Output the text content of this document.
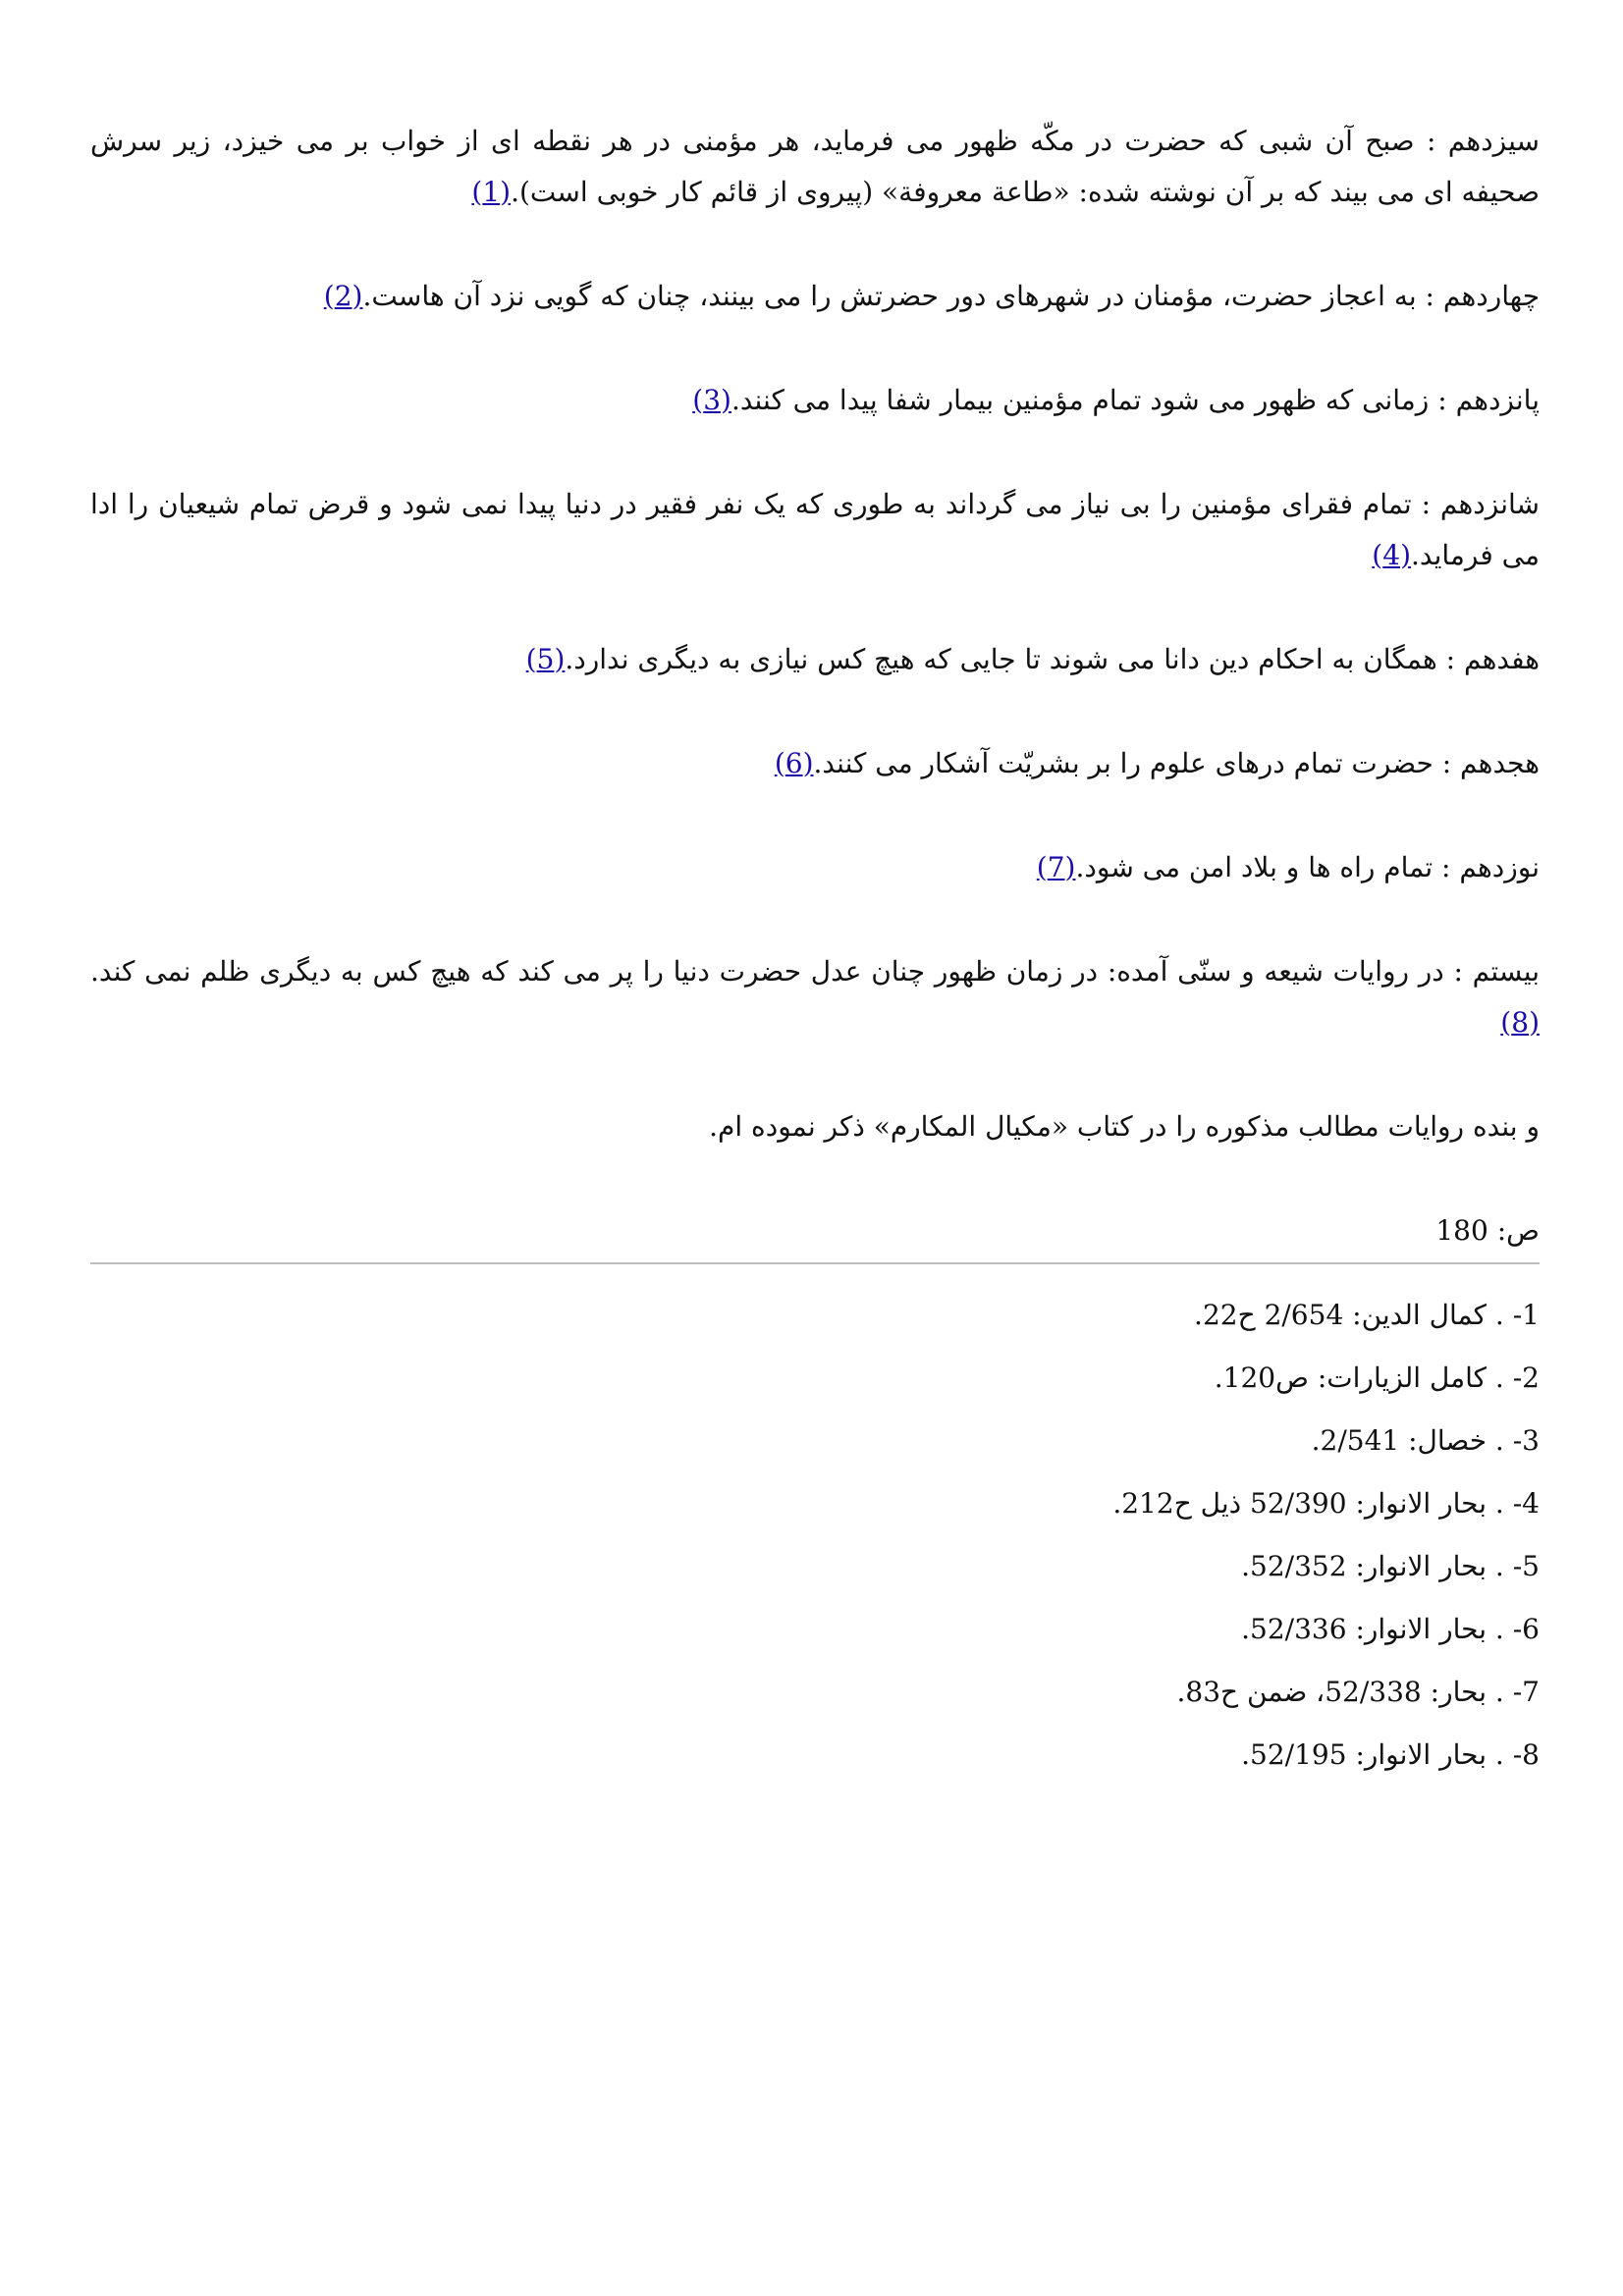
سیزدهم : صبح آن شبی که حضرت در مکّه ظهور می فرماید، هر مؤمنی در هر نقطه ای از خواب بر می خیزد، زیر سرش صحیفه ای می بیند که بر آن نوشته شده: «طاعة معروفة» (پیروی از قائم کار خوبی است).(1)

چهاردهم : به اعجاز حضرت، مؤمنان در شهرهای دور حضرتش را می بینند، چنان که گویی نزد آن هاست.(2)

پانزدهم : زمانی که ظهور می شود تمام مؤمنین بیمار شفا پیدا می کنند.(3)

شانزدهم : تمام فقرای مؤمنین را بی نیاز می گرداند به طوری که یک نفر فقیر در دنیا پیدا نمی شود و قرض تمام شیعیان را ادا می فرماید.(4)

هفدهم : همگان به احکام دین دانا می شوند تا جایی که هیچ کس نیازی به دیگری ندارد.(5)

هجدهم : حضرت تمام درهای علوم را بر بشریّت آشکار می کنند.(6)

نوزدهم : تمام راه ها و بلاد امن می شود.(7)

بیستم : در روایات شیعه و سنّی آمده: در زمان ظهور چنان عدل حضرت دنیا را پر می کند که هیچ کس به دیگری ظلم نمی کند.(8)

و بنده روایات مطالب مذکوره را در کتاب «مکیال المکارم» ذکر نموده ام.

ص: 180

1- . کمال الدین: 2/654 ح22.
2- . کامل الزیارات: ص120.
3- . خصال: 2/541.
4- . بحار الانوار: 52/390 ذیل ح212.
5- . بحار الانوار: 52/352.
6- . بحار الانوار: 52/336.
7- . بحار: 52/338، ضمن ح83.
8- . بحار الانوار: 52/195.
